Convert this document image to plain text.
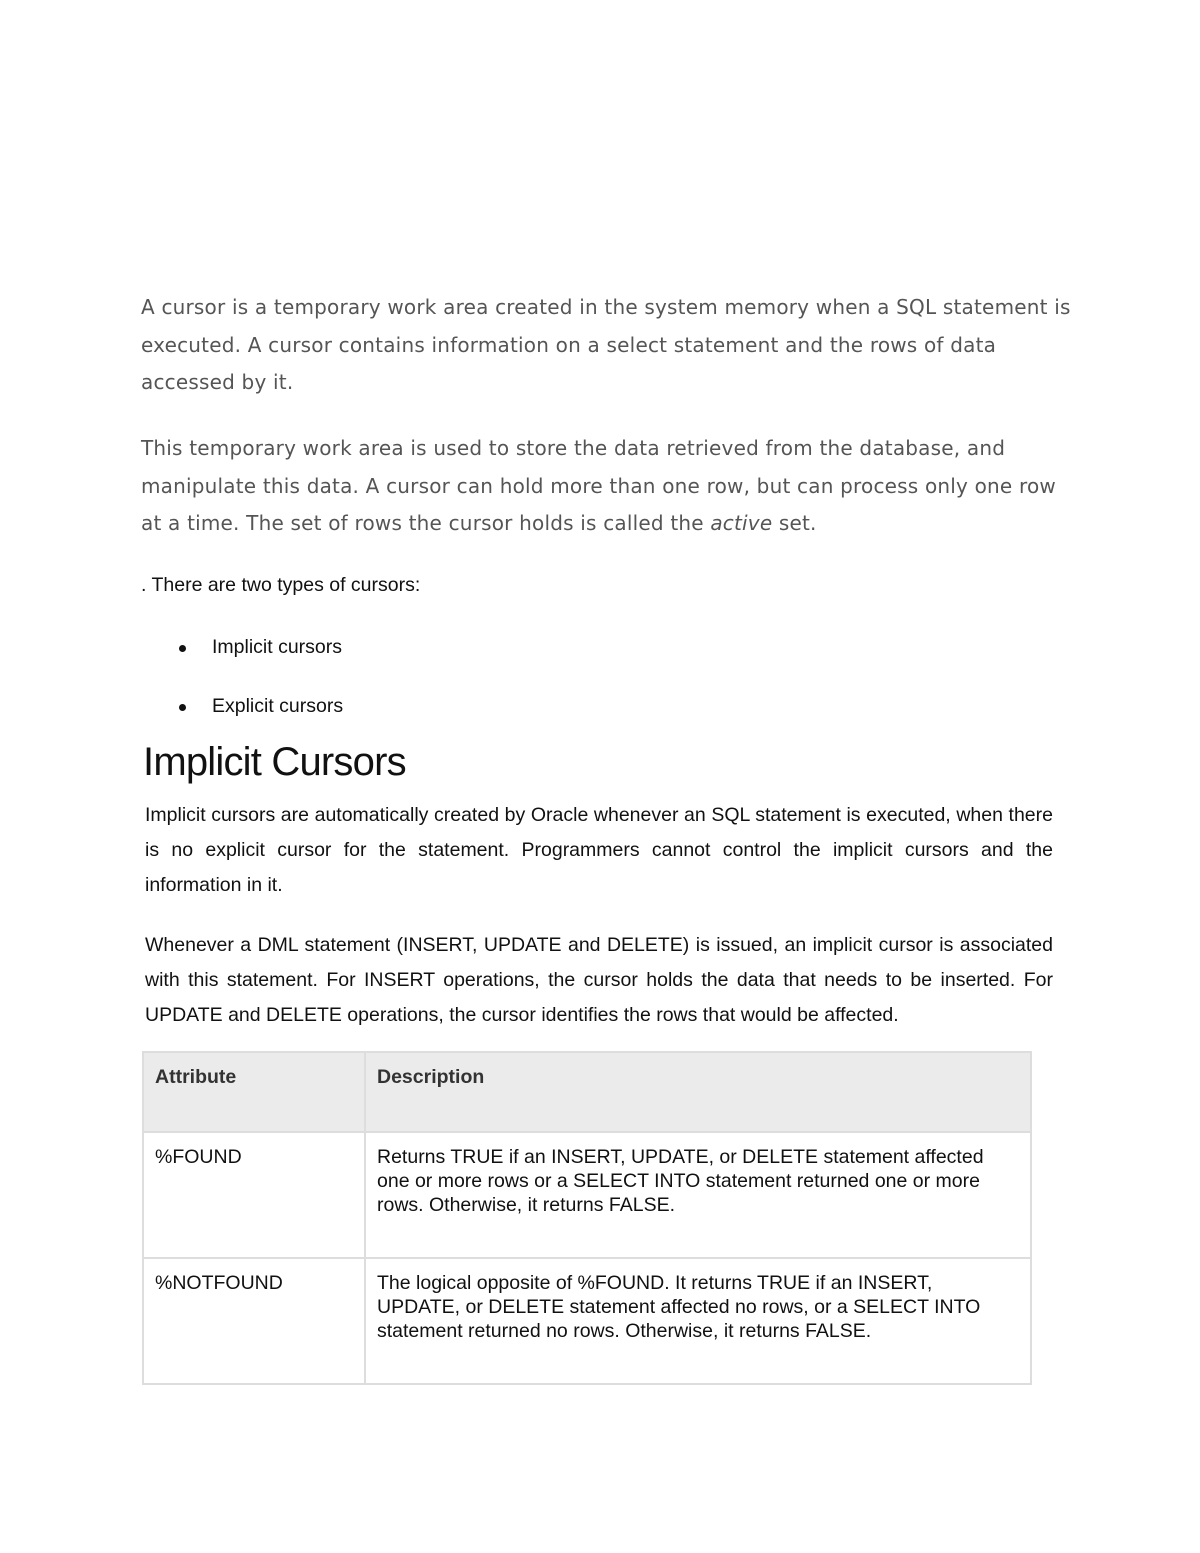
A cursor is a temporary work area created in the system memory when a SQL statement is executed. A cursor contains information on a select statement and the rows of data accessed by it.

This temporary work area is used to store the data retrieved from the database, and manipulate this data. A cursor can hold more than one row, but can process only one row at a time. The set of rows the cursor holds is called the active set.

. There are two types of cursors:

Implicit cursors
Explicit cursors
Implicit Cursors

Implicit cursors are automatically created by Oracle whenever an SQL statement is executed, when there is no explicit cursor for the statement. Programmers cannot control the implicit cursors and the information in it.

Whenever a DML statement (INSERT, UPDATE and DELETE) is issued, an implicit cursor is associated with this statement. For INSERT operations, the cursor holds the data that needs to be inserted. For UPDATE and DELETE operations, the cursor identifies the rows that would be affected.

Attribute	Description
%FOUND	Returns TRUE if an INSERT, UPDATE, or DELETE statement affected one or more rows or a SELECT INTO statement returned one or more rows. Otherwise, it returns FALSE.
%NOTFOUND	The logical opposite of %FOUND. It returns TRUE if an INSERT, UPDATE, or DELETE statement affected no rows, or a SELECT INTO statement returned no rows. Otherwise, it returns FALSE.
